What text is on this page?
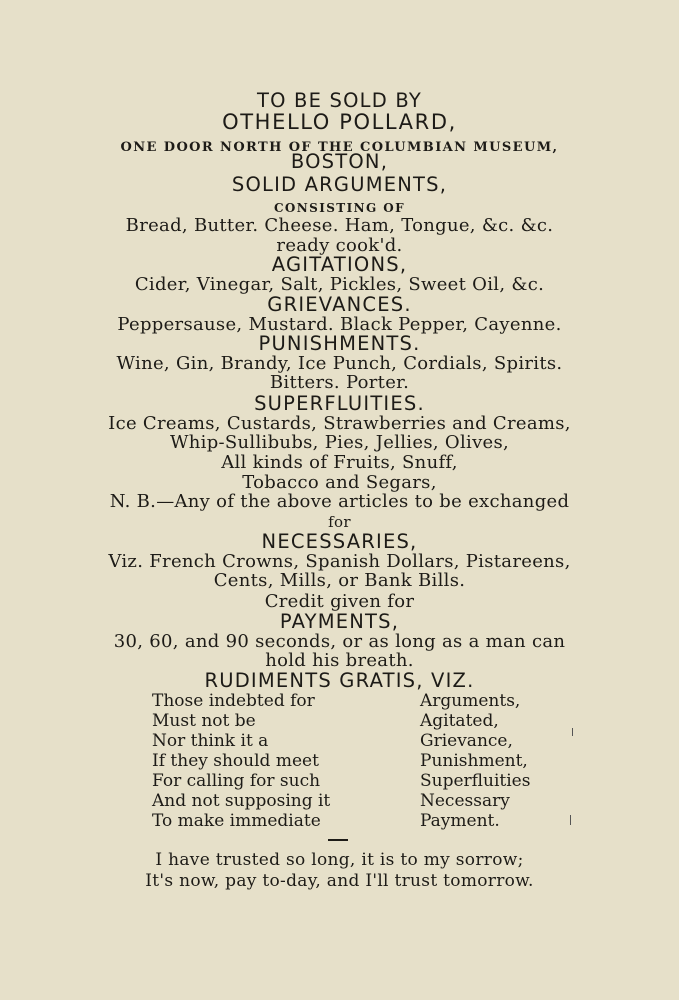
TO BE SOLD BY
OTHELLO POLLARD,
ONE DOOR NORTH OF THE COLUMBIAN MUSEUM,
BOSTON,
SOLID ARGUMENTS,
CONSISTING OF
Bread, Butter. Cheese. Ham, Tongue, &c. &c.
ready cook'd.
AGITATIONS,
Cider, Vinegar, Salt, Pickles, Sweet Oil, &c.
GRIEVANCES.
Peppersause, Mustard. Black Pepper, Cayenne.
PUNISHMENTS.
Wine, Gin, Brandy, Ice Punch, Cordials, Spirits.
Bitters. Porter.
SUPERFLUITIES.
Ice Creams, Custards, Strawberries and Creams,
Whip-Sullibubs, Pies, Jellies, Olives,
All kinds of Fruits, Snuff,
Tobacco and Segars,
N. B.—Any of the above articles to be exchanged
for
NECESSARIES,
Viz. French Crowns, Spanish Dollars, Pistareens,
Cents, Mills, or Bank Bills.
Credit given for
PAYMENTS,
30, 60, and 90 seconds, or as long as a man can
hold his breath.
RUDIMENTS GRATIS, VIZ.
Those indebted for	Arguments,
Must not be	Agitated,
Nor think it a	Grievance,
If they should meet	Punishment,
For calling for such	Superfluities
And not supposing it	Necessary
To make immediate	Payment.
I have trusted so long, it is to my sorrow;
It's now, pay to-day, and I'll trust tomorrow.
